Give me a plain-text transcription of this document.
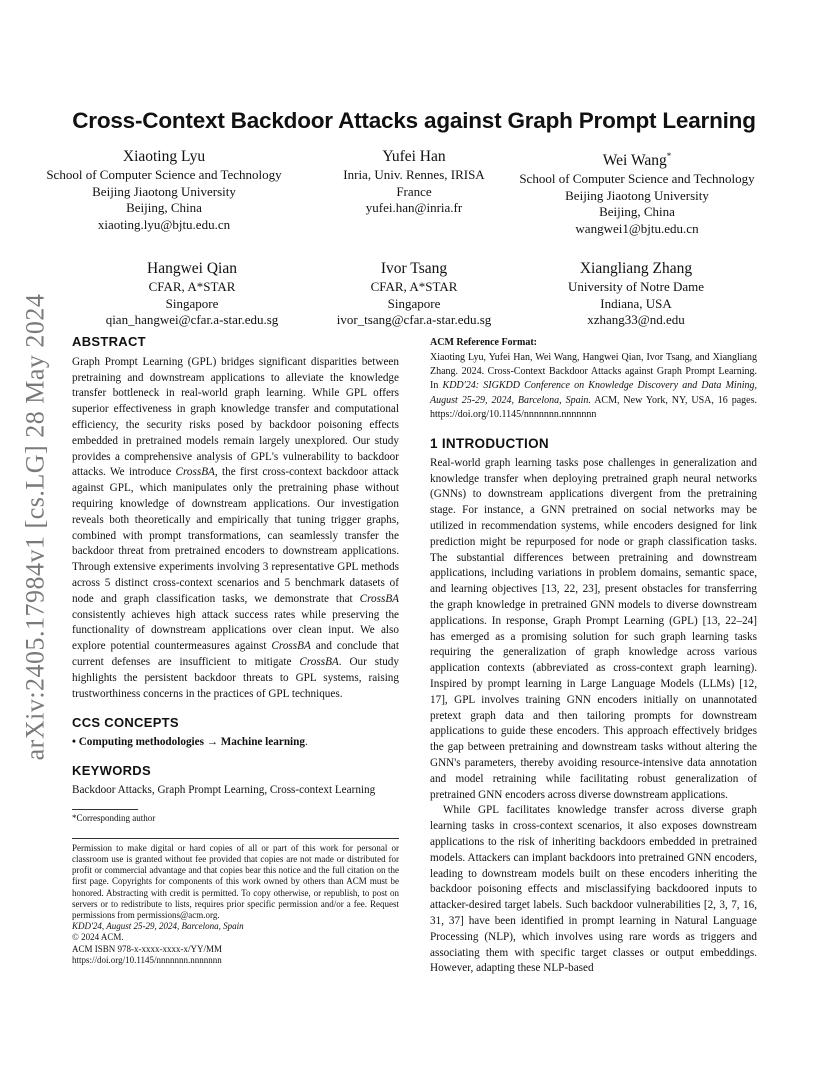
arXiv:2405.17984v1 [cs.LG] 28 May 2024
Cross-Context Backdoor Attacks against Graph Prompt Learning
Xiaoting Lyu
School of Computer Science and Technology
Beijing Jiaotong University
Beijing, China
xiaoting.lyu@bjtu.edu.cn
Yufei Han
Inria, Univ. Rennes, IRISA
France
yufei.han@inria.fr
Wei Wang*
School of Computer Science and Technology
Beijing Jiaotong University
Beijing, China
wangwei1@bjtu.edu.cn
Hangwei Qian
CFAR, A*STAR
Singapore
qian_hangwei@cfar.a-star.edu.sg
Ivor Tsang
CFAR, A*STAR
Singapore
ivor_tsang@cfar.a-star.edu.sg
Xiangliang Zhang
University of Notre Dame
Indiana, USA
xzhang33@nd.edu
ABSTRACT

Graph Prompt Learning (GPL) bridges significant disparities between pretraining and downstream applications to alleviate the knowledge transfer bottleneck in real-world graph learning. While GPL offers superior effectiveness in graph knowledge transfer and computational efficiency, the security risks posed by backdoor poisoning effects embedded in pretrained models remain largely unexplored. Our study provides a comprehensive analysis of GPL's vulnerability to backdoor attacks. We introduce CrossBA, the first cross-context backdoor attack against GPL, which manipulates only the pretraining phase without requiring knowledge of downstream applications. Our investigation reveals both theoretically and empirically that tuning trigger graphs, combined with prompt transformations, can seamlessly transfer the backdoor threat from pretrained encoders to downstream applications. Through extensive experiments involving 3 representative GPL methods across 5 distinct cross-context scenarios and 5 benchmark datasets of node and graph classification tasks, we demonstrate that CrossBA consistently achieves high attack success rates while preserving the functionality of downstream applications over clean input. We also explore potential countermeasures against CrossBA and conclude that current defenses are insufficient to mitigate CrossBA. Our study highlights the persistent backdoor threats to GPL systems, raising trustworthiness concerns in the practices of GPL techniques.

CCS CONCEPTS

• Computing methodologies → Machine learning.

KEYWORDS

Backdoor Attacks, Graph Prompt Learning, Cross-context Learning

*Corresponding author
Permission to make digital or hard copies of all or part of this work for personal or classroom use is granted without fee provided that copies are not made or distributed for profit or commercial advantage and that copies bear this notice and the full citation on the first page. Copyrights for components of this work owned by others than ACM must be honored. Abstracting with credit is permitted. To copy otherwise, or republish, to post on servers or to redistribute to lists, requires prior specific permission and/or a fee. Request permissions from permissions@acm.org.
KDD'24, August 25-29, 2024, Barcelona, Spain
© 2024 ACM.
ACM ISBN 978-x-xxxx-xxxx-x/YY/MM
https://doi.org/10.1145/nnnnnnn.nnnnnnn
ACM Reference Format:

Xiaoting Lyu, Yufei Han, Wei Wang, Hangwei Qian, Ivor Tsang, and Xiangliang Zhang. 2024. Cross-Context Backdoor Attacks against Graph Prompt Learning. In KDD'24: SIGKDD Conference on Knowledge Discovery and Data Mining, August 25-29, 2024, Barcelona, Spain. ACM, New York, NY, USA, 16 pages. https://doi.org/10.1145/nnnnnnn.nnnnnnn

1 INTRODUCTION

Real-world graph learning tasks pose challenges in generalization and knowledge transfer when deploying pretrained graph neural networks (GNNs) to downstream applications divergent from the pretraining stage. For instance, a GNN pretrained on social networks may be utilized in recommendation systems, while encoders designed for link prediction might be repurposed for node or graph classification tasks. The substantial differences between pretraining and downstream applications, including variations in problem domains, semantic space, and learning objectives [13, 22, 23], present obstacles for transferring the graph knowledge in pretrained GNN models to diverse downstream applications. In response, Graph Prompt Learning (GPL) [13, 22–24] has emerged as a promising solution for such graph learning tasks requiring the generalization of graph knowledge across various application contexts (abbreviated as cross-context graph learning). Inspired by prompt learning in Large Language Models (LLMs) [12, 17], GPL involves training GNN encoders initially on unannotated pretext graph data and then tailoring prompts for downstream applications to guide these encoders. This approach effectively bridges the gap between pretraining and downstream tasks without altering the GNN's parameters, thereby avoiding resource-intensive data annotation and model retraining while facilitating robust generalization of pretrained GNN encoders across diverse downstream applications.

While GPL facilitates knowledge transfer across diverse graph learning tasks in cross-context scenarios, it also exposes downstream applications to the risk of inheriting backdoors embedded in pretrained models. Attackers can implant backdoors into pretrained GNN encoders, leading to downstream models built on these encoders inheriting the backdoor poisoning effects and misclassifying backdoored inputs to attacker-desired target labels. Such backdoor vulnerabilities [2, 3, 7, 16, 31, 37] have been identified in prompt learning in Natural Language Processing (NLP), which involves using rare words as triggers and associating them with specific target classes or output embeddings. However, adapting these NLP-based
